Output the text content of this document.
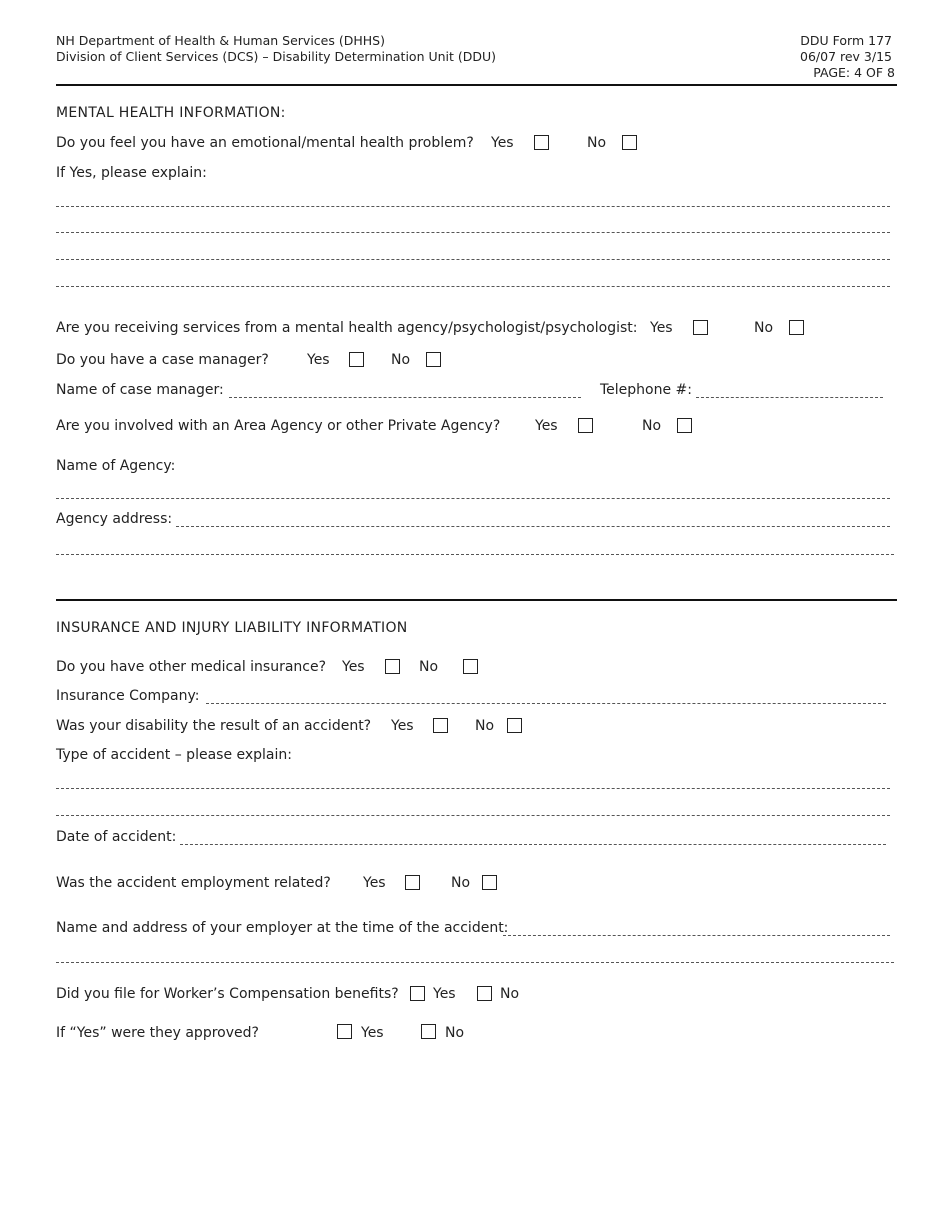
NH Department of Health & Human Services (DHHS)
Division of Client Services (DCS) – Disability Determination Unit (DDU)
DDU Form 177
06/07 rev 3/15
PAGE: 4 OF 8
MENTAL HEALTH INFORMATION:
Do you feel you have an emotional/mental health problem? Yes	No
If Yes, please explain:
Are you receiving services from a mental health agency/psychologist/psychologist: Yes	No
Do you have a case manager?	Yes	No
Name of case manager:	Telephone #:
Are you involved with an Area Agency or other Private Agency? Yes	No
Name of Agency:
Agency address:
INSURANCE AND INJURY LIABILITY INFORMATION
Do you have other medical insurance? Yes	No
Insurance Company:
Was your disability the result of an accident? Yes	No
Type of accident – please explain:
Date of accident:
Was the accident employment related? Yes	No
Name and address of your employer at the time of the accident:
Did you file for Worker’s Compensation benefits? Yes	No
If “Yes” were they approved?	Yes	No
